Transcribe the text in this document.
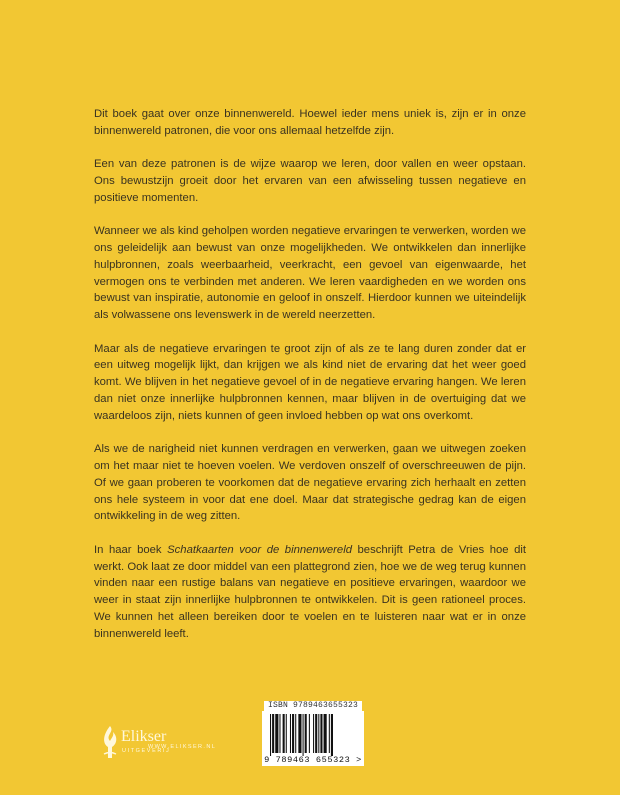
Dit boek gaat over onze binnenwereld. Hoewel ieder mens uniek is, zijn er in onze binnenwereld patronen, die voor ons allemaal hetzelfde zijn.

Een van deze patronen is de wijze waarop we leren, door vallen en weer opstaan. Ons bewustzijn groeit door het ervaren van een afwisseling tussen negatieve en positieve momenten.

Wanneer we als kind geholpen worden negatieve ervaringen te verwerken, worden we ons geleidelijk aan bewust van onze mogelijkheden. We ontwikkelen dan innerlijke hulpbronnen, zoals weerbaarheid, veerkracht, een gevoel van eigenwaarde, het vermogen ons te verbinden met anderen. We leren vaardigheden en we worden ons bewust van inspiratie, autonomie en geloof in onszelf. Hierdoor kunnen we uiteindelijk als volwassene ons levenswerk in de wereld neerzetten.

Maar als de negatieve ervaringen te groot zijn of als ze te lang duren zonder dat er een uitweg mogelijk lijkt, dan krijgen we als kind niet de ervaring dat het weer goed komt. We blijven in het negatieve gevoel of in de negatieve ervaring hangen. We leren dan niet onze innerlijke hulpbronnen kennen, maar blijven in de overtuiging dat we waardeloos zijn, niets kunnen of geen invloed hebben op wat ons overkomt.

Als we de narigheid niet kunnen verdragen en verwerken, gaan we uitwegen zoeken om het maar niet te hoeven voelen. We verdoven onszelf of overschreeuwen de pijn. Of we gaan proberen te voorkomen dat de negatieve ervaring zich herhaalt en zetten ons hele systeem in voor dat ene doel. Maar dat strategische gedrag kan de eigen ontwikkeling in de weg zitten.

In haar boek Schatkaarten voor de binnenwereld beschrijft Petra de Vries hoe dit werkt. Ook laat ze door middel van een plattegrond zien, hoe we de weg terug kunnen vinden naar een rustige balans van negatieve en positieve ervaringen, waardoor we weer in staat zijn innerlijke hulpbronnen te ontwikkelen. Dit is geen rationeel proces. We kunnen het alleen bereiken door te voelen en te luisteren naar wat er in onze binnenwereld leeft.

Elikser
UITGEVERIJ
WWW.ELIKSER.NL
ISBN 9789463655323
9 789463 655323 >
